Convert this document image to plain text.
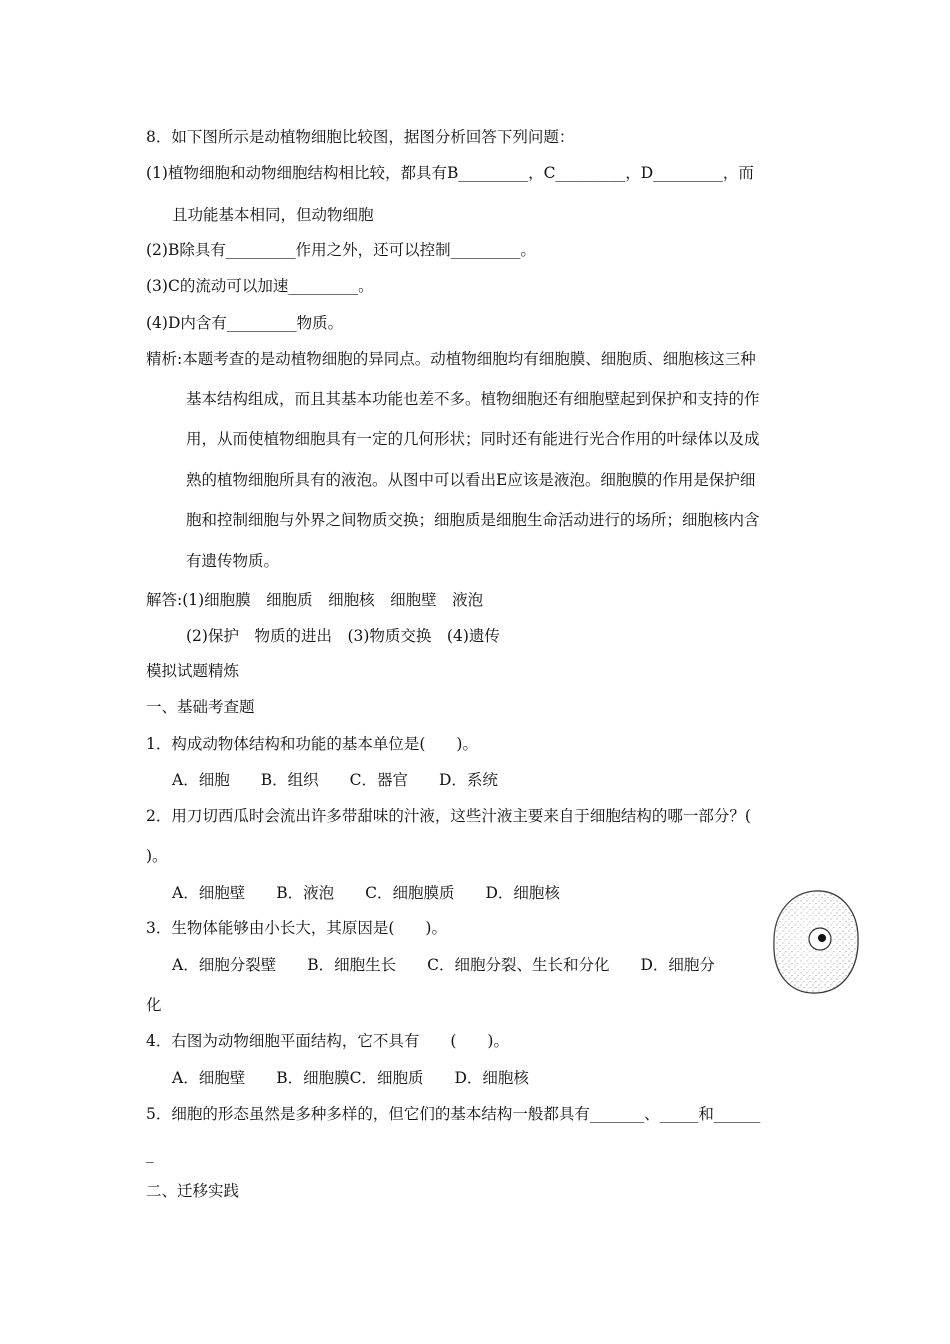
8．如下图所示是动植物细胞比较图，据图分析回答下列问题：
(1)植物细胞和动物细胞结构相比较，都具有B_________，C_________，D_________，而
且功能基本相同，但动物细胞
(2)B除具有_________作用之外，还可以控制_________。
(3)C的流动可以加速_________。
(4)D内含有_________物质。
精析:本题考查的是动植物细胞的异同点。动植物细胞均有细胞膜、细胞质、细胞核这三种
基本结构组成，而且其基本功能也差不多。植物细胞还有细胞壁起到保护和支持的作
用，从而使植物细胞具有一定的几何形状；同时还有能进行光合作用的叶绿体以及成
熟的植物细胞所具有的液泡。从图中可以看出E应该是液泡。细胞膜的作用是保护细
胞和控制细胞与外界之间物质交换；细胞质是细胞生命活动进行的场所；细胞核内含
有遗传物质。
解答:(1)细胞膜　细胞质　细胞核　细胞壁　液泡
(2)保护　物质的进出　(3)物质交换　(4)遗传
模拟试题精炼
一、基础考查题
1．构成动物体结构和功能的基本单位是(　　)。
A．细胞　　B．组织　　C．器官　　D．系统
2．用刀切西瓜时会流出许多带甜味的汁液，这些汁液主要来自于细胞结构的哪一部分？(
)。
A．细胞壁　　B．液泡　　C．细胞膜质　　D．细胞核
3．生物体能够由小长大，其原因是(　　)。
A．细胞分裂壁　　B．细胞生长　　C．细胞分裂、生长和分化　　D．细胞分
化
4．右图为动物细胞平面结构，它不具有　　(　　)。
A．细胞壁　　B．细胞膜C．细胞质　　D．细胞核
5．细胞的形态虽然是多种多样的，但它们的基本结构一般都具有_______、_____和______
_
二、迁移实践
